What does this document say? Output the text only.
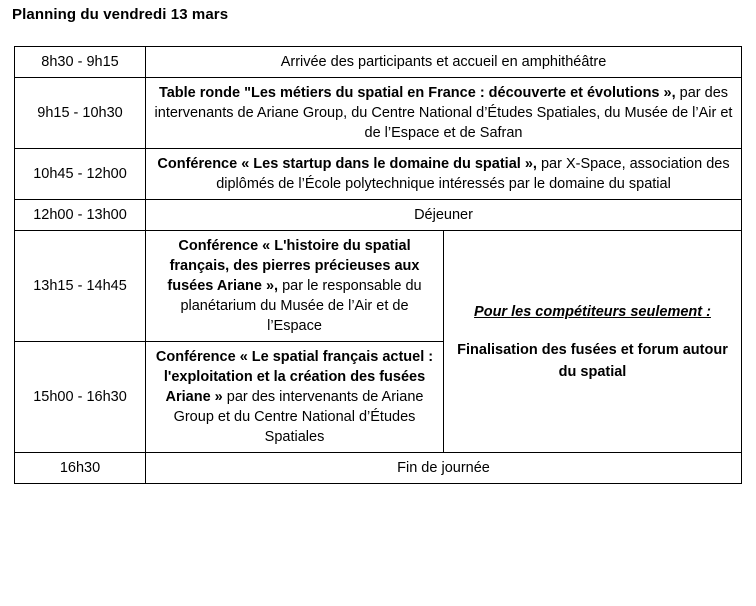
Planning du vendredi 13 mars
8h30 - 9h15	Arrivée des participants et accueil en amphithéâtre	
9h15 - 10h30	Table ronde "Les métiers du spatial en France : découverte et évolutions », par des intervenants de Ariane Group, du Centre National d’Études Spatiales, du Musée de l’Air et de l’Espace et de Safran	
10h45 - 12h00	Conférence « Les startup dans le domaine du spatial », par X-Space, association des diplômés de l’École polytechnique intéressés par le domaine du spatial	
12h00 - 13h00	Déjeuner	
13h15 - 14h45	Conférence « L'histoire du spatial français, des pierres précieuses aux fusées Ariane », par le responsable du planétarium du Musée de l’Air et de l’Espace	Pour les compétiteurs seulement :
Finalisation des fusées et forum autour du spatial

15h00 - 16h30	Conférence « Le spatial français actuel : l'exploitation et la création des fusées Ariane » par des intervenants de Ariane Group et du Centre National d’Études Spatiales	
16h30	Fin de journée	
